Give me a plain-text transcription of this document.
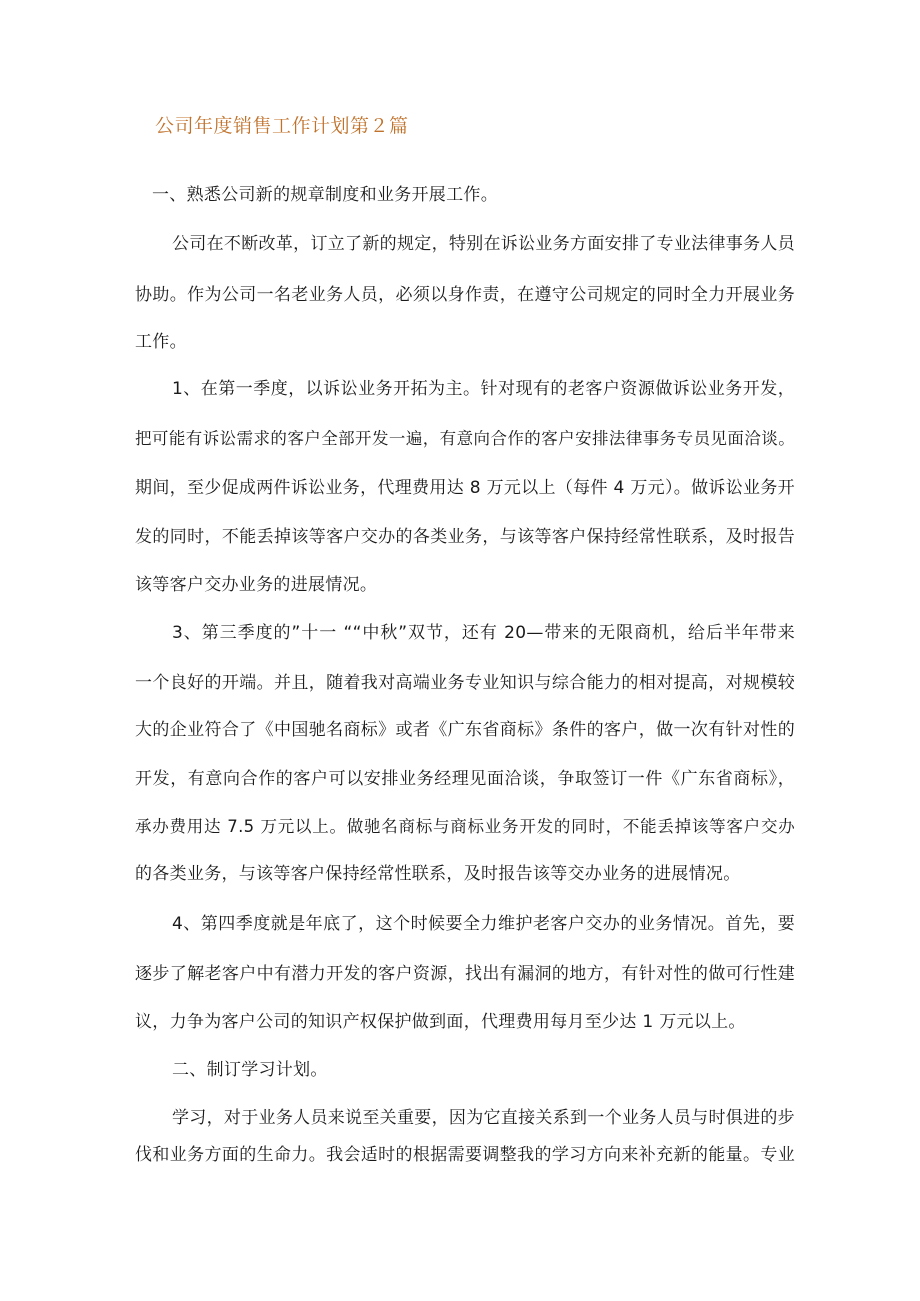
公司年度销售工作计划第２篇
一、熟悉公司新的规章制度和业务开展工作。
公司在不断改革，订立了新的规定，特别在诉讼业务方面安排了专业法律事务人员
协助。作为公司一名老业务人员，必须以身作责，在遵守公司规定的同时全力开展业务
工作。
1、在第一季度，以诉讼业务开拓为主。针对现有的老客户资源做诉讼业务开发，
把可能有诉讼需求的客户全部开发一遍，有意向合作的客户安排法律事务专员见面洽谈。
期间，至少促成两件诉讼业务，代理费用达 8 万元以上（每件 4 万元）。做诉讼业务开
发的同时，不能丢掉该等客户交办的各类业务，与该等客户保持经常性联系，及时报告
该等客户交办业务的进展情况。
3、第三季度的”十一 ““中秋”双节，还有 20—带来的无限商机，给后半年带来
一个良好的开端。并且，随着我对高端业务专业知识与综合能力的相对提高，对规模较
大的企业符合了《中国驰名商标》或者《广东省商标》条件的客户，做一次有针对性的
开发，有意向合作的客户可以安排业务经理见面洽谈，争取签订一件《广东省商标》，
承办费用达 7.5 万元以上。做驰名商标与商标业务开发的同时，不能丢掉该等客户交办
的各类业务，与该等客户保持经常性联系，及时报告该等交办业务的进展情况。
4、第四季度就是年底了，这个时候要全力维护老客户交办的业务情况。首先，要
逐步了解老客户中有潜力开发的客户资源，找出有漏洞的地方，有针对性的做可行性建
议，力争为客户公司的知识产权保护做到面，代理费用每月至少达 1 万元以上。
二、制订学习计划。
学习，对于业务人员来说至关重要，因为它直接关系到一个业务人员与时俱进的步
伐和业务方面的生命力。我会适时的根据需要调整我的学习方向来补充新的能量。专业
